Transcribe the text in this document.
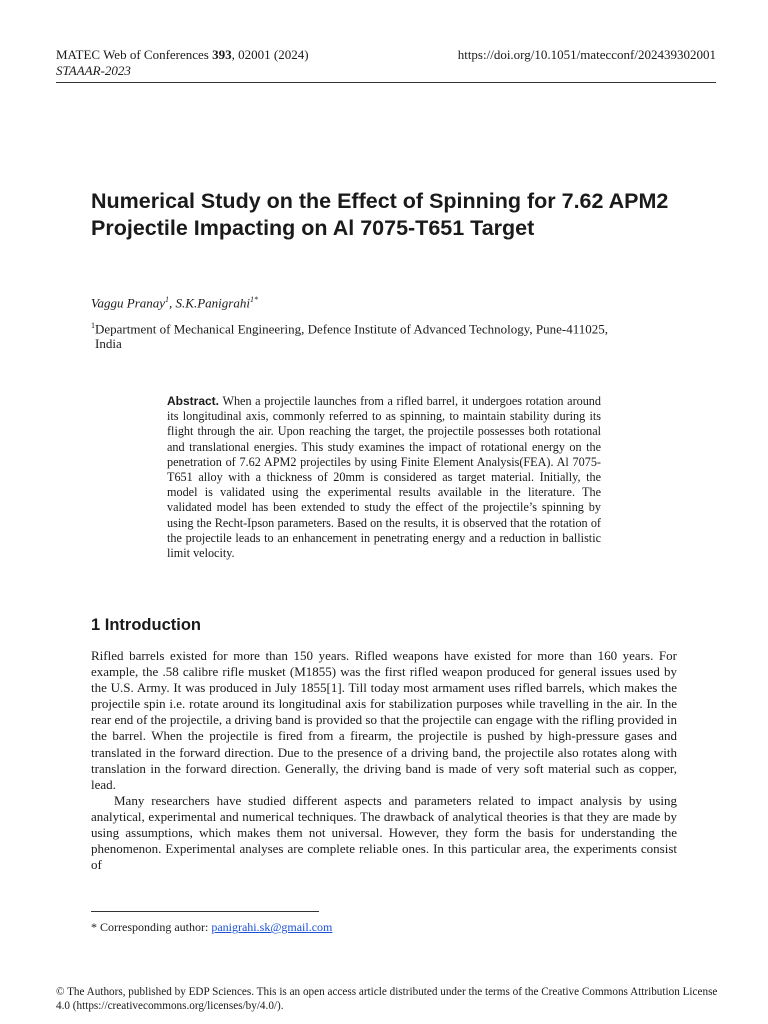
MATEC Web of Conferences 393, 02001 (2024)
STAAAR-2023
https://doi.org/10.1051/matecconf/202439302001
Numerical Study on the Effect of Spinning for 7.62 APM2 Projectile Impacting on Al 7075-T651 Target
Vaggu Pranay$^1$, S.K.Panigrahi$^{1*}$
$^1$Department of Mechanical Engineering, Defence Institute of Advanced Technology, Pune-411025,
India
Abstract. When a projectile launches from a rifled barrel, it undergoes rotation around its longitudinal axis, commonly referred to as spinning, to maintain stability during its flight through the air. Upon reaching the target, the projectile possesses both rotational and translational energies. This study examines the impact of rotational energy on the penetration of 7.62 APM2 projectiles by using Finite Element Analysis(FEA). Al 7075-T651 alloy with a thickness of 20mm is considered as target material. Initially, the model is validated using the experimental results available in the literature. The validated model has been extended to study the effect of the projectile’s spinning by using the Recht-Ipson parameters. Based on the results, it is observed that the rotation of the projectile leads to an enhancement in penetrating energy and a reduction in ballistic limit velocity.
1 Introduction

Rifled barrels existed for more than 150 years. Rifled weapons have existed for more than 160 years. For example, the .58 calibre rifle musket (M1855) was the first rifled weapon produced for general issues used by the U.S. Army. It was produced in July 1855[1]. Till today most armament uses rifled barrels, which makes the projectile spin i.e. rotate around its longitudinal axis for stabilization purposes while travelling in the air. In the rear end of the projectile, a driving band is provided so that the projectile can engage with the rifling provided in the barrel. When the projectile is fired from a firearm, the projectile is pushed by high-pressure gases and translated in the forward direction. Due to the presence of a driving band, the projectile also rotates along with translation in the forward direction. Generally, the driving band is made of very soft material such as copper, lead.

Many researchers have studied different aspects and parameters related to impact analysis by using analytical, experimental and numerical techniques. The drawback of analytical theories is that they are made by using assumptions, which makes them not universal. However, they form the basis for understanding the phenomenon. Experimental analyses are complete reliable ones. In this particular area, the experiments consist of

* Corresponding author: panigrahi.sk@gmail.com
© The Authors, published by EDP Sciences. This is an open access article distributed under the terms of the Creative Commons Attribution License 4.0 (https://creativecommons.org/licenses/by/4.0/).
